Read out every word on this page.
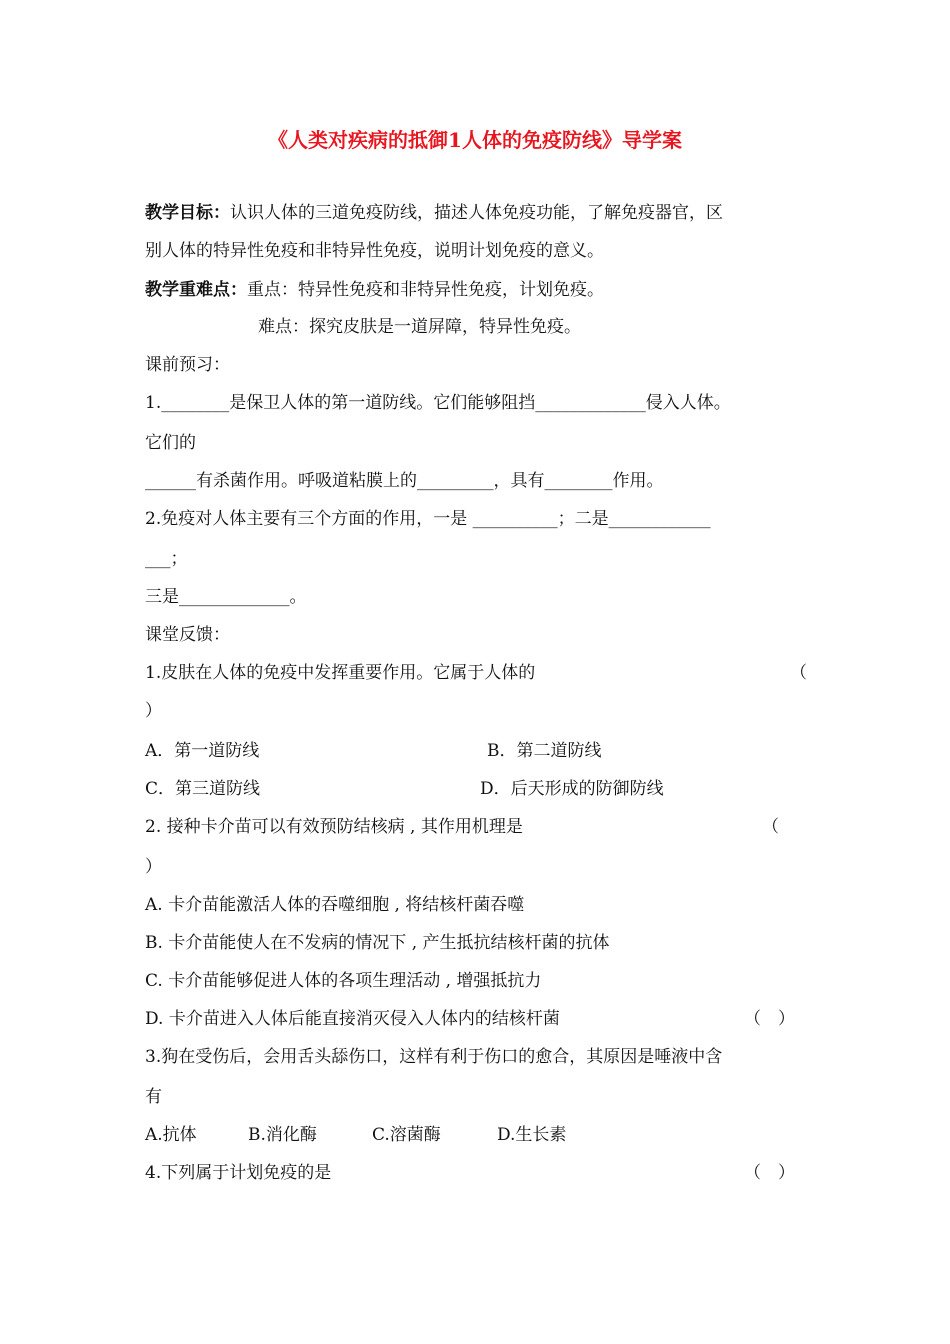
《人类对疾病的抵御1人体的免疫防线》导学案
教学目标：认识人体的三道免疫防线，描述人体免疫功能，了解免疫器官，区
别人体的特异性免疫和非特异性免疫，说明计划免疫的意义。
教学重难点：重点：特异性免疫和非特异性免疫，计划免疫。
难点：探究皮肤是一道屏障，特异性免疫。
课前预习：
1.________是保卫人体的第一道防线。它们能够阻挡_____________侵入人体。
它们的
______有杀菌作用。呼吸道粘膜上的_________，具有________作用。
2.免疫对人体主要有三个方面的作用，一是 __________；二是____________
___；
三是_____________。
课堂反馈：
1.皮肤在人体的免疫中发挥重要作用。它属于人体的	（
）
A．第一道防线	B．第二道防线
C．第三道防线	D．后天形成的防御防线
2. 接种卡介苗可以有效预防结核病 , 其作用机理是	（
）
A. 卡介苗能激活人体的吞噬细胞 , 将结核杆菌吞噬
B. 卡介苗能使人在不发病的情况下 , 产生抵抗结核杆菌的抗体
C. 卡介苗能够促进人体的各项生理活动 , 增强抵抗力
D. 卡介苗进入人体后能直接消灭侵入人体内的结核杆菌	（　）
3.狗在受伤后，会用舌头舔伤口，这样有利于伤口的愈合，其原因是唾液中含
有
A.抗体	B.消化酶	C.溶菌酶	D.生长素
4.下列属于计划免疫的是	（　）
